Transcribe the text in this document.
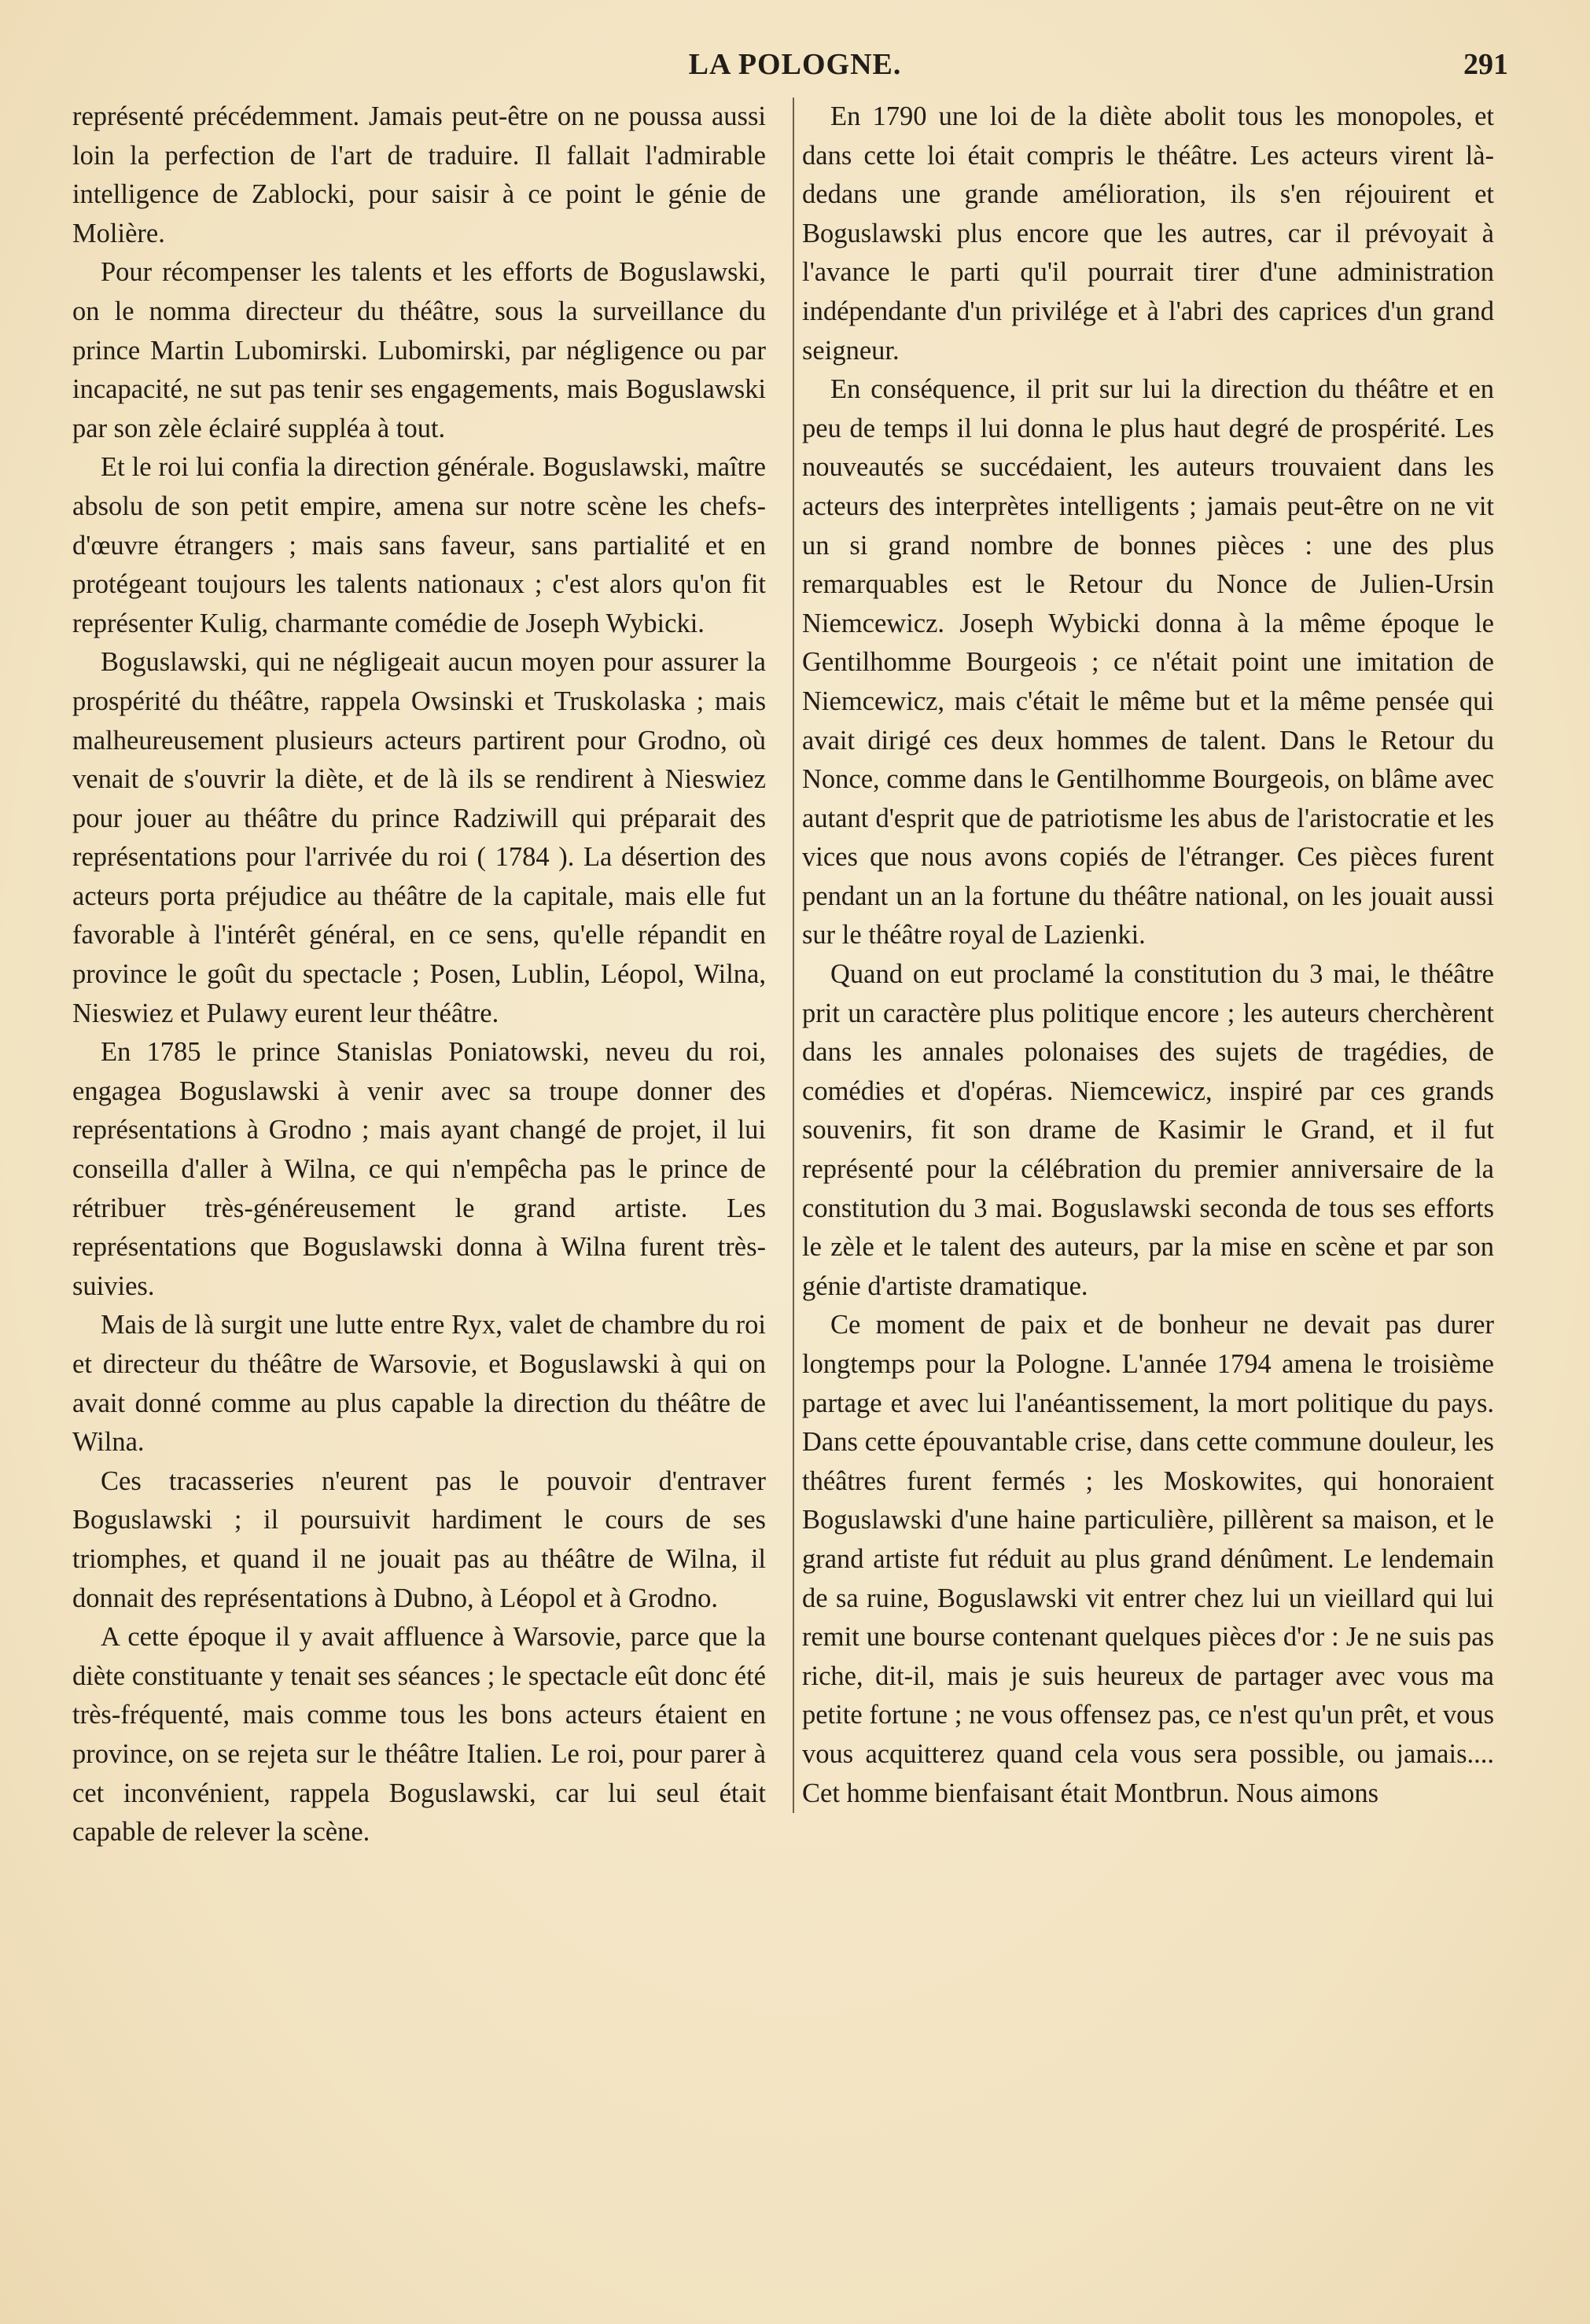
LA POLOGNE.	291

représenté précédemment. Jamais peut-être on ne poussa aussi loin la perfection de l'art de traduire. Il fallait l'admirable intelligence de Zablocki, pour saisir à ce point le génie de Molière.

Pour récompenser les talents et les efforts de Boguslawski, on le nomma directeur du théâtre, sous la surveillance du prince Martin Lubomirski. Lubomirski, par négligence ou par incapacité, ne sut pas tenir ses engagements, mais Boguslawski par son zèle éclairé suppléa à tout.

Et le roi lui confia la direction générale. Boguslawski, maître absolu de son petit empire, amena sur notre scène les chefs-d'œuvre étrangers ; mais sans faveur, sans partialité et en protégeant toujours les talents nationaux ; c'est alors qu'on fit représenter Kulig, charmante comédie de Joseph Wybicki.

Boguslawski, qui ne négligeait aucun moyen pour assurer la prospérité du théâtre, rappela Owsinski et Truskolaska ; mais malheureusement plusieurs acteurs partirent pour Grodno, où venait de s'ouvrir la diète, et de là ils se rendirent à Nieswiez pour jouer au théâtre du prince Radziwill qui préparait des représentations pour l'arrivée du roi ( 1784 ). La désertion des acteurs porta préjudice au théâtre de la capitale, mais elle fut favorable à l'intérêt général, en ce sens, qu'elle répandit en province le goût du spectacle ; Posen, Lublin, Léopol, Wilna, Nieswiez et Pulawy eurent leur théâtre.

En 1785 le prince Stanislas Poniatowski, neveu du roi, engagea Boguslawski à venir avec sa troupe donner des représentations à Grodno ; mais ayant changé de projet, il lui conseilla d'aller à Wilna, ce qui n'empêcha pas le prince de rétribuer très-généreusement le grand artiste. Les représentations que Boguslawski donna à Wilna furent très-suivies.

Mais de là surgit une lutte entre Ryx, valet de chambre du roi et directeur du théâtre de Warsovie, et Boguslawski à qui on avait donné comme au plus capable la direction du théâtre de Wilna.

Ces tracasseries n'eurent pas le pouvoir d'entraver Boguslawski ; il poursuivit hardiment le cours de ses triomphes, et quand il ne jouait pas au théâtre de Wilna, il donnait des représentations à Dubno, à Léopol et à Grodno.

A cette époque il y avait affluence à Warsovie, parce que la diète constituante y tenait ses séances ; le spectacle eût donc été très-fréquenté, mais comme tous les bons acteurs étaient en province, on se rejeta sur le théâtre Italien. Le roi, pour parer à cet inconvénient, rappela Boguslawski, car lui seul était capable de relever la scène.

En 1790 une loi de la diète abolit tous les monopoles, et dans cette loi était compris le théâtre. Les acteurs virent là-dedans une grande amélioration, ils s'en réjouirent et Boguslawski plus encore que les autres, car il prévoyait à l'avance le parti qu'il pourrait tirer d'une administration indépendante d'un privilége et à l'abri des caprices d'un grand seigneur.

En conséquence, il prit sur lui la direction du théâtre et en peu de temps il lui donna le plus haut degré de prospérité. Les nouveautés se succédaient, les auteurs trouvaient dans les acteurs des interprètes intelligents ; jamais peut-être on ne vit un si grand nombre de bonnes pièces : une des plus remarquables est le Retour du Nonce de Julien-Ursin Niemcewicz. Joseph Wybicki donna à la même époque le Gentilhomme Bourgeois ; ce n'était point une imitation de Niemcewicz, mais c'était le même but et la même pensée qui avait dirigé ces deux hommes de talent. Dans le Retour du Nonce, comme dans le Gentilhomme Bourgeois, on blâme avec autant d'esprit que de patriotisme les abus de l'aristocratie et les vices que nous avons copiés de l'étranger. Ces pièces furent pendant un an la fortune du théâtre national, on les jouait aussi sur le théâtre royal de Lazienki.

Quand on eut proclamé la constitution du 3 mai, le théâtre prit un caractère plus politique encore ; les auteurs cherchèrent dans les annales polonaises des sujets de tragédies, de comédies et d'opéras. Niemcewicz, inspiré par ces grands souvenirs, fit son drame de Kasimir le Grand, et il fut représenté pour la célébration du premier anniversaire de la constitution du 3 mai. Boguslawski seconda de tous ses efforts le zèle et le talent des auteurs, par la mise en scène et par son génie d'artiste dramatique.

Ce moment de paix et de bonheur ne devait pas durer longtemps pour la Pologne. L'année 1794 amena le troisième partage et avec lui l'anéantissement, la mort politique du pays. Dans cette épouvantable crise, dans cette commune douleur, les théâtres furent fermés ; les Moskowites, qui honoraient Boguslawski d'une haine particulière, pillèrent sa maison, et le grand artiste fut réduit au plus grand dénûment. Le lendemain de sa ruine, Boguslawski vit entrer chez lui un vieillard qui lui remit une bourse contenant quelques pièces d'or : Je ne suis pas riche, dit-il, mais je suis heureux de partager avec vous ma petite fortune ; ne vous offensez pas, ce n'est qu'un prêt, et vous vous acquitterez quand cela vous sera possible, ou jamais.... Cet homme bienfaisant était Montbrun. Nous aimons
